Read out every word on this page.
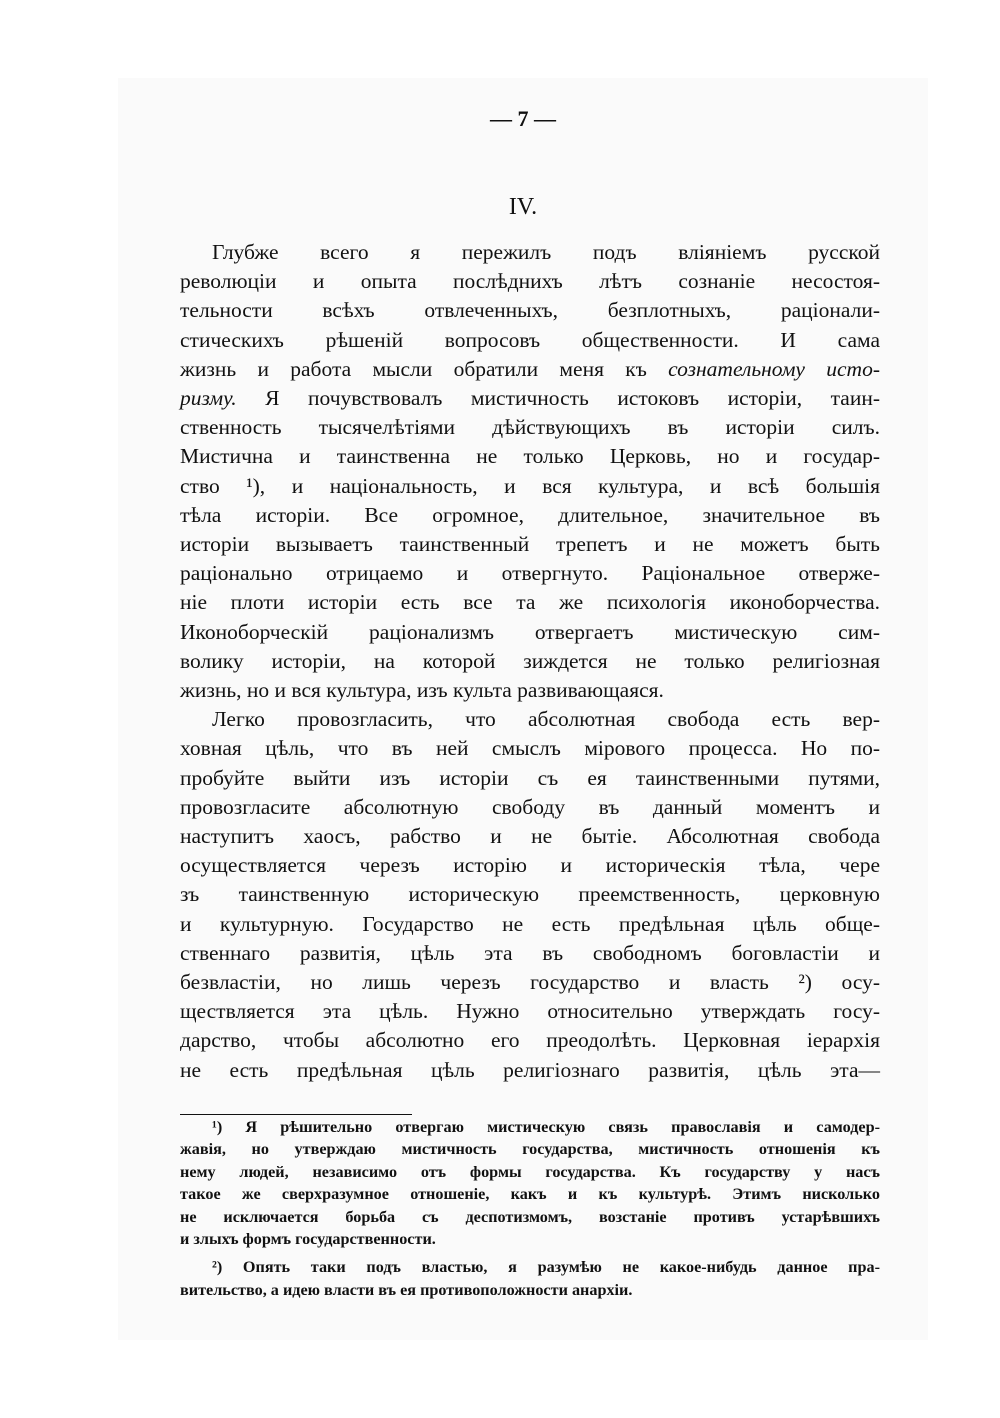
— 7 —
IV.
Глубже всего я пережилъ подъ вліяніемъ русской
революціи и опыта послѣднихъ лѣтъ сознаніе несостоя-
тельности всѣхъ отвлеченныхъ, безплотныхъ, раціонали-
стическихъ рѣшеній вопросовъ общественности. И сама
жизнь и работа мысли обратили меня къ сознательному исто-
ризму. Я почувствовалъ мистичность истоковъ исторіи, таин-
ственность тысячелѣтіями дѣйствующихъ въ исторіи силъ.
Мистична и таинственна не только Церковь, но и государ-
ство ¹), и національность, и вся культура, и всѣ большія
тѣла исторіи. Все огромное, длительное, значительное въ
исторіи вызываетъ таинственный трепетъ и не можетъ быть
раціонально отрицаемо и отвергнуто. Раціональное отверже-
ніе плоти исторіи есть все та же психологія иконоборчества.
Иконоборческій раціонализмъ отвергаетъ мистическую сим-
волику исторіи, на которой зиждется не только религіозная
жизнь, но и вся культура, изъ культа развивающаяся.
Легко провозгласить, что абсолютная свобода есть вер-
ховная цѣль, что въ ней смыслъ мірового процесса. Но по-
пробуйте выйти изъ исторіи съ ея таинственными путями,
провозгласите абсолютную свободу въ данный моментъ и
наступитъ хаосъ, рабство и не бытіе. Абсолютная свобода
осуществляется черезъ исторію и историческія тѣла, чере
зъ таинственную историческую преемственность, церковную
и культурную. Государство не есть предѣльная цѣль обще-
ственнаго развитія, цѣль эта въ свободномъ боговластіи и
безвластіи, но лишь черезъ государство и власть ²) осу-
ществляется эта цѣль. Нужно относительно утверждать госу-
дарство, чтобы абсолютно его преодолѣть. Церковная іерархія
не есть предѣльная цѣль религіознаго развитія, цѣль эта—
¹) Я рѣшительно отвергаю мистическую связь православія и самодер-
жавія, но утверждаю мистичность государства, мистичность отношенія къ
нему людей, независимо отъ формы государства. Къ государству у насъ
такое же сверхразумное отношеніе, какъ и къ культурѣ. Этимъ нисколько
не исключается борьба съ деспотизмомъ, возстаніе противъ устарѣвшихъ
и злыхъ формъ государственности.
²) Опять таки подъ властью, я разумѣю не какое-нибудь данное пра-
вительство, а идею власти въ ея противоположности анархіи.
